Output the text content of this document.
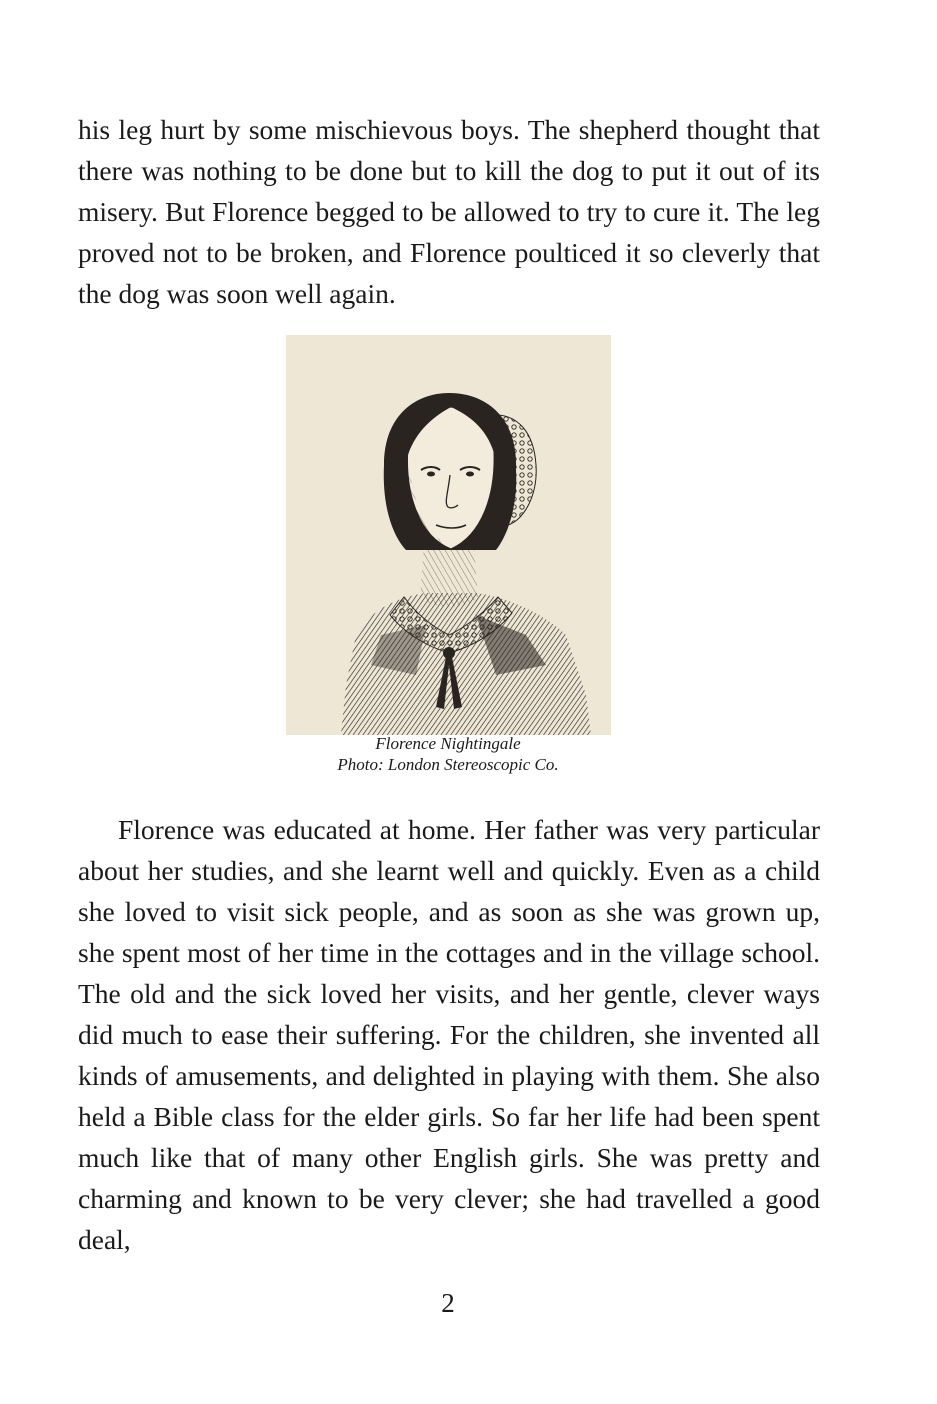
his leg hurt by some mischievous boys. The shepherd thought that there was nothing to be done but to kill the dog to put it out of its misery. But Florence begged to be allowed to try to cure it. The leg proved not to be broken, and Florence poulticed it so cleverly that the dog was soon well again.

Florence Nightingale
Photo: London Stereoscopic Co.

Florence was educated at home. Her father was very particular about her studies, and she learnt well and quickly. Even as a child she loved to visit sick people, and as soon as she was grown up, she spent most of her time in the cottages and in the village school. The old and the sick loved her visits, and her gentle, clever ways did much to ease their suffering. For the children, she invented all kinds of amusements, and delighted in playing with them. She also held a Bible class for the elder girls. So far her life had been spent much like that of many other English girls. She was pretty and charming and known to be very clever; she had travelled a good deal,

2
